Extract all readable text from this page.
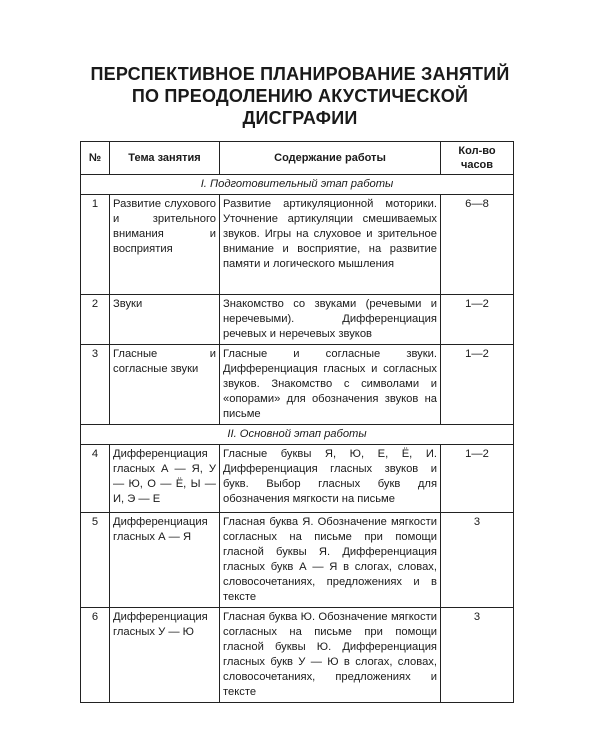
ПЕРСПЕКТИВНОЕ ПЛАНИРОВАНИЕ ЗАНЯТИЙ
ПО ПРЕОДОЛЕНИЮ АКУСТИЧЕСКОЙ
ДИСГРАФИИ
№	Тема занятия	Содержание работы	Кол-во часов
I. Подготовительный этап работы			
1	Развитие слухового и зрительного внимания и восприятия	Развитие артикуляционной моторики. Уточнение артикуляции смешиваемых звуков. Игры на слуховое и зрительное внимание и восприятие, на развитие памяти и логического мышления	6—8
2	Звуки	Знакомство со звуками (речевыми и неречевыми). Дифференциация речевых и неречевых звуков	1—2
3	Гласные и согласные звуки	Гласные и согласные звуки. Дифференциация гласных и согласных звуков. Знакомство с символами и «опорами» для обозначения звуков на письме	1—2
II. Основной этап работы			
4	Дифференциация гласных А — Я, У — Ю, О — Ё, Ы — И, Э — Е	Гласные буквы Я, Ю, Е, Ё, И. Дифференциация гласных звуков и букв. Выбор гласных букв для обозначения мягкости на письме	1—2
5	Дифференциация гласных А — Я	Гласная буква Я. Обозначение мягкости согласных на письме при помощи гласной буквы Я. Дифференциация гласных букв А — Я в слогах, словах, словосочетаниях, предложениях и в тексте	3
6	Дифференциация гласных У — Ю	Гласная буква Ю. Обозначение мягкости согласных на письме при помощи гласной буквы Ю. Дифференциация гласных букв У — Ю в слогах, словах, словосочетаниях, предложениях и тексте	3
